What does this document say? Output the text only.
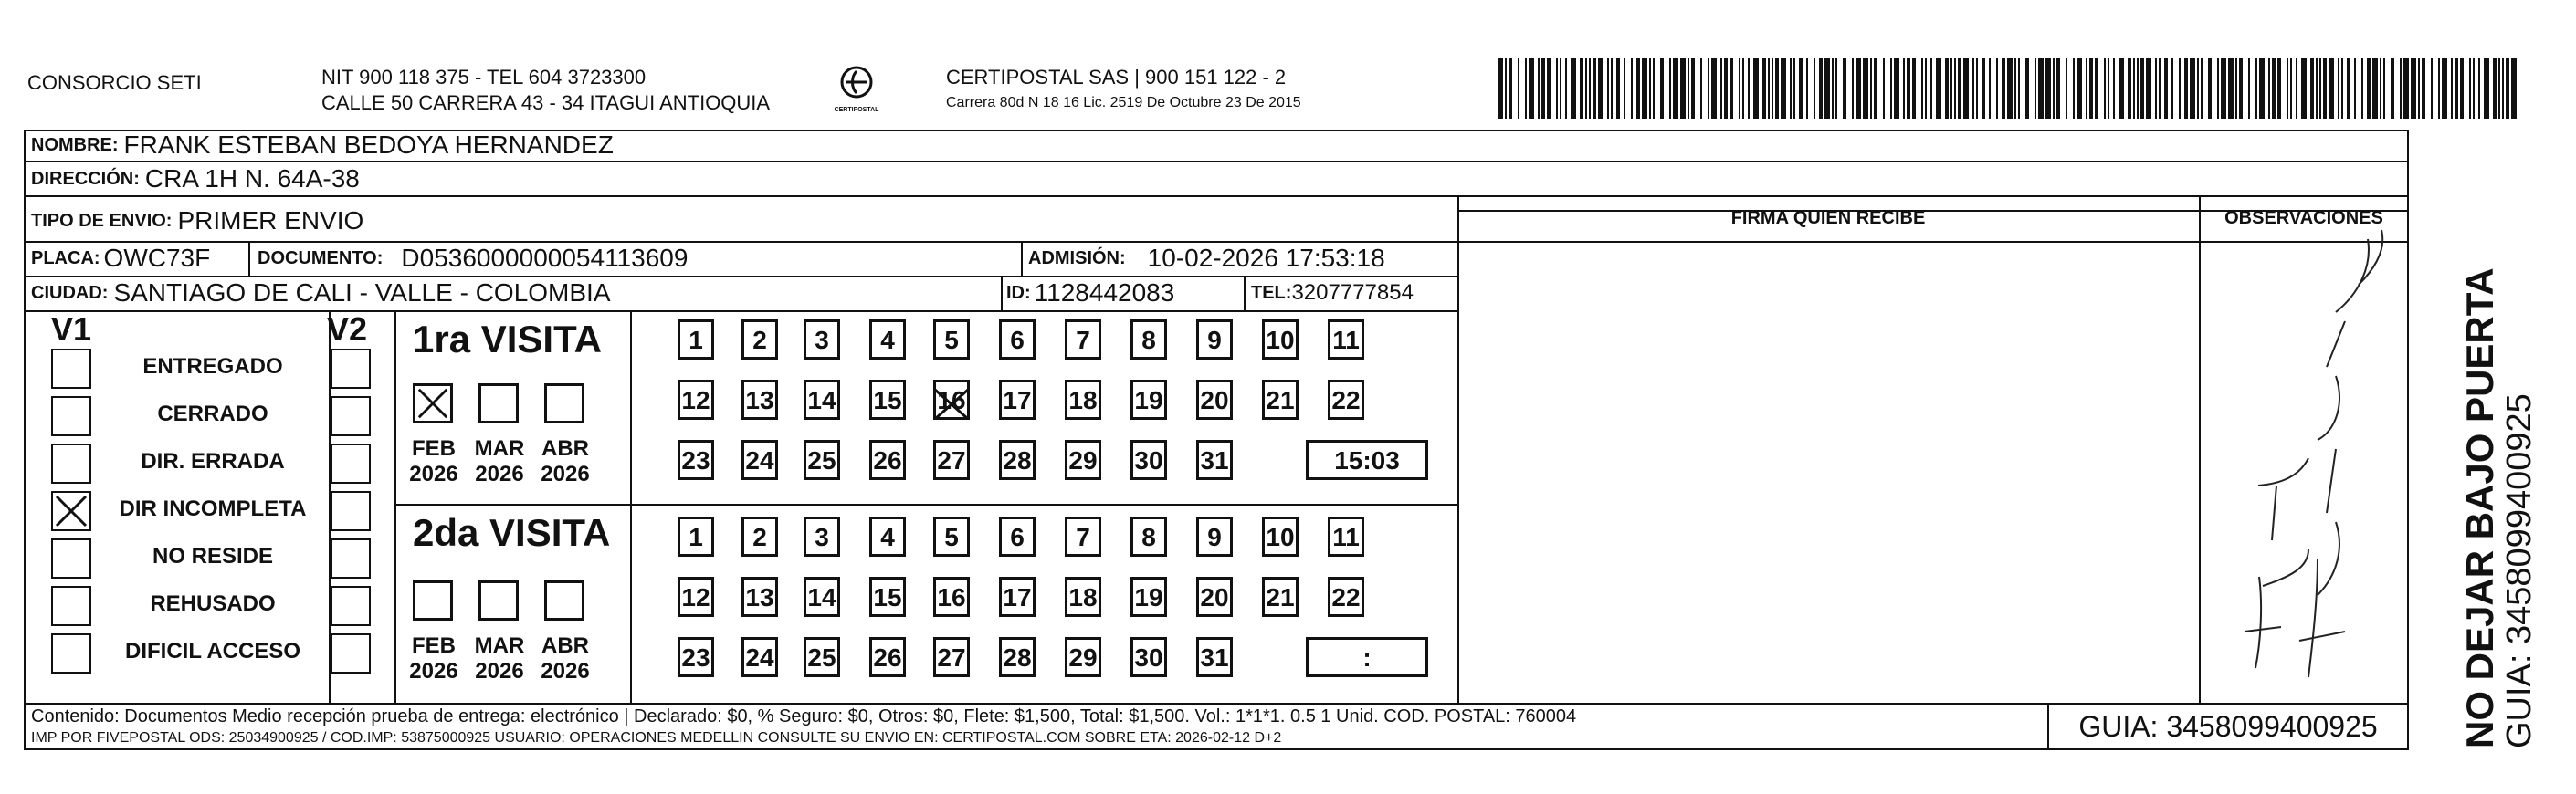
CONSORCIO SETI	NIT 900 118 375 - TEL 604 3723300
CALLE 50 CARRERA 43 - 34 ITAGUI ANTIOQUIA	CERTIPOSTAL
CERTIPOSTAL SAS | 900 151 122 - 2
Carrera 80d N 18 16 Lic. 2519 De Octubre 23 De 2015
NOMBRE: FRANK ESTEBAN BEDOYA HERNANDEZ
DIRECCIÓN: CRA 1H N. 64A-38
TIPO DE ENVIO: PRIMER ENVIO	FIRMA QUIEN RECIBE	OBSERVACIONES
PLACA: OWC73F	DOCUMENTO: D0536000000054113609	ADMISIÓN: 10-02-2026 17:53:18
CIUDAD: SANTIAGO DE CALI - VALLE - COLOMBIA	ID: 1128442083	TEL: 3207777854
V1	V2
ENTREGADO
CERRADO
DIR. ERRADA
DIR INCOMPLETA
NO RESIDE
REHUSADO
DIFICIL ACCESO
1ra VISITA
2da VISITA
FEB
2026
MAR
2026
ABR
2026
1	2	3	4	5	6	7	8	9	10 11
12 13 14 15 16 17 18 19 20 21 22
23 24 25 26 27 28 29 30 31	15:03
FEB
2026
MAR
2026
ABR
2026
1	2	3	4	5	6	7	8	9	10 11
12 13 14 15 16 17 18 19 20 21 22
23 24 25 26 27 28 29 30 31	:	NO DEJAR BAJO PUERTA GUIA: 3458099400925
Contenido: Documentos Medio recepción prueba de entrega: electrónico | Declarado: $0, % Seguro: $0, Otros: $0, Flete: $1,500, Total: $1,500. Vol.: 1*1*1. 0.5 1 Unid. COD. POSTAL: 760004
IMP POR FIVEPOSTAL ODS: 25034900925 / COD.IMP: 53875000925 USUARIO: OPERACIONES MEDELLIN CONSULTE SU ENVIO EN: CERTIPOSTAL.COM SOBRE ETA: 2026-02-12 D+2	GUIA: 3458099400925
